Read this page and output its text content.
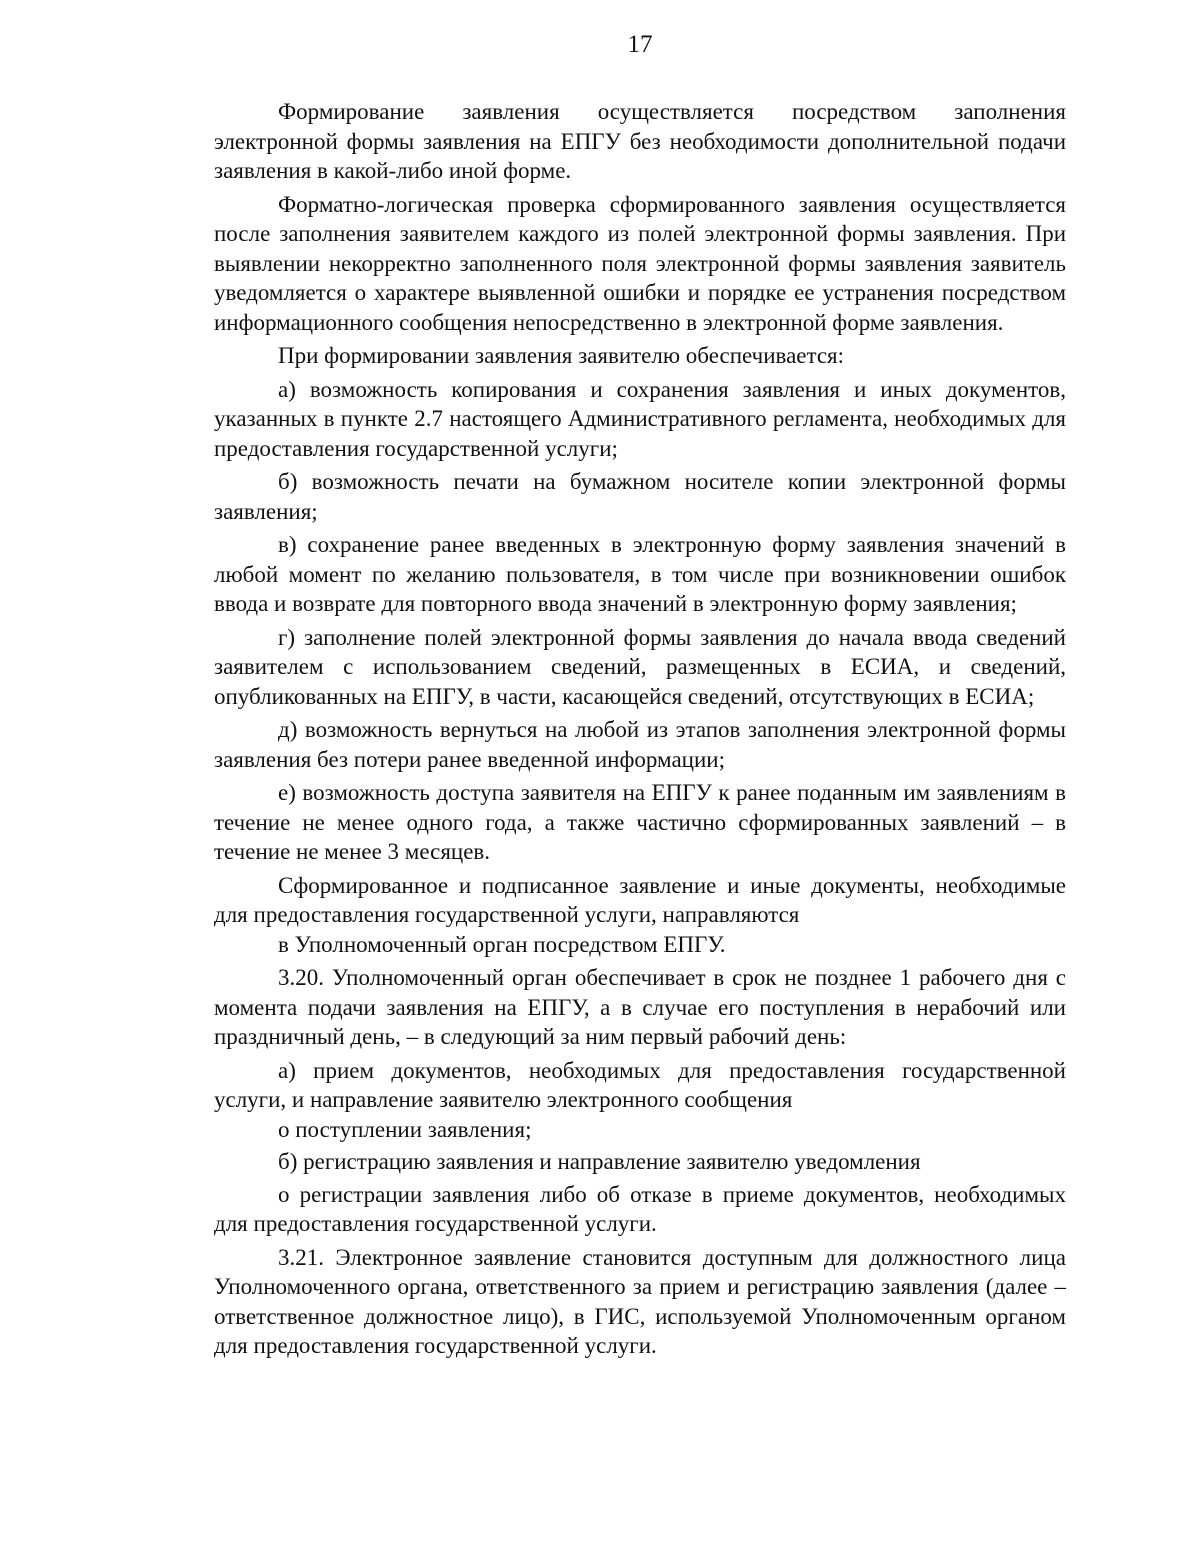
17

Формирование заявления осуществляется посредством заполнения электронной формы заявления на ЕПГУ без необходимости дополнительной подачи заявления в какой-либо иной форме.

Форматно-логическая проверка сформированного заявления осуществляется после заполнения заявителем каждого из полей электронной формы заявления. При выявлении некорректно заполненного поля электронной формы заявления заявитель уведомляется о характере выявленной ошибки и порядке ее устранения посредством информационного сообщения непосредственно в электронной форме заявления.

При формировании заявления заявителю обеспечивается:

а) возможность копирования и сохранения заявления и иных документов, указанных в пункте 2.7 настоящего Административного регламента, необходимых для предоставления государственной услуги;

б) возможность печати на бумажном носителе копии электронной формы заявления;

в) сохранение ранее введенных в электронную форму заявления значений в любой момент по желанию пользователя, в том числе при возникновении ошибок ввода и возврате для повторного ввода значений в электронную форму заявления;

г) заполнение полей электронной формы заявления до начала ввода сведений заявителем с использованием сведений, размещенных в ЕСИА, и сведений, опубликованных на ЕПГУ, в части, касающейся сведений, отсутствующих в ЕСИА;

д) возможность вернуться на любой из этапов заполнения электронной формы заявления без потери ранее введенной информации;

е) возможность доступа заявителя на ЕПГУ к ранее поданным им заявлениям в течение не менее одного года, а также частично сформированных заявлений – в течение не менее 3 месяцев.

Сформированное и подписанное заявление и иные документы, необходимые для предоставления государственной услуги, направляются

в Уполномоченный орган посредством ЕПГУ.

3.20. Уполномоченный орган обеспечивает в срок не позднее 1 рабочего дня с момента подачи заявления на ЕПГУ, а в случае его поступления в нерабочий или праздничный день, – в следующий за ним первый рабочий день:

а) прием документов, необходимых для предоставления государственной услуги, и направление заявителю электронного сообщения

о поступлении заявления;

б) регистрацию заявления и направление заявителю уведомления

о регистрации заявления либо об отказе в приеме документов, необходимых для предоставления государственной услуги.

3.21. Электронное заявление становится доступным для должностного лица Уполномоченного органа, ответственного за прием и регистрацию заявления (далее – ответственное должностное лицо), в ГИС, используемой Уполномоченным органом для предоставления государственной услуги.
